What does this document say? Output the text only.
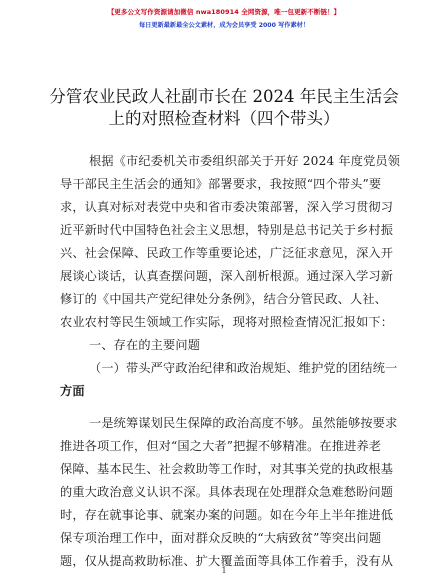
【更多公文写作资源请加微信 nwa180914 全网资源，唯一包更新不断链！】
每日更新最新最全公文素材，成为会员享受 2000 写作素材！
分管农业民政人社副市长在 2024 年民主生活会
上的对照检查材料（四个带头）
根据《市纪委机关市委组织部关于开好 2024 年度党员领
导干部民主生活会的通知》部署要求，我按照“四个带头”要
求，认真对标对表党中央和省市委决策部署，深入学习贯彻习
近平新时代中国特色社会主义思想，特别是总书记关于乡村振
兴、社会保障、民政工作等重要论述，广泛征求意见，深入开
展谈心谈话，认真查摆问题，深入剖析根源。通过深入学习新
修订的《中国共产党纪律处分条例》，结合分管民政、人社、
农业农村等民生领域工作实际，现将对照检查情况汇报如下：
一、存在的主要问题
（一）带头严守政治纪律和政治规矩、维护党的团结统一
方面
一是统筹谋划民生保障的政治高度不够。虽然能够按要求
推进各项工作，但对“国之大者”把握不够精准。在推进养老
保障、基本民生、社会救助等工作时，对其事关党的执政根基
的重大政治意义认识不深。具体表现在处理群众急难愁盼问题
时，存在就事论事、就案办案的问题。如在今年上半年推进低
保专项治理工作中，面对群众反映的“大病致贫”等突出问题
题，仅从提高救助标准、扩大覆盖面等具体工作着手，没有从
1
